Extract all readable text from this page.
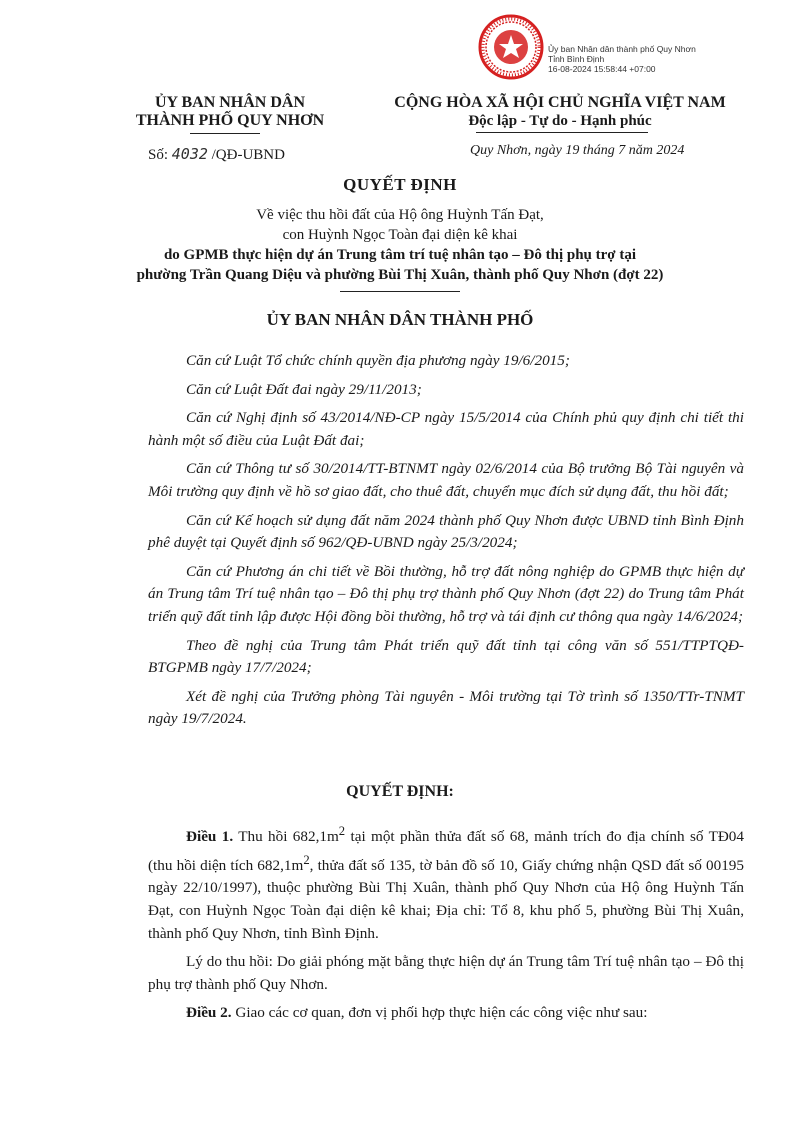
Ủy ban Nhân dân thành phố Quy Nhơn
Tỉnh Bình Định
16-08-2024 15:58:44 +07:00
ỦY BAN NHÂN DÂN
THÀNH PHỐ QUY NHƠN
Số: 4032 /QĐ-UBND
CỘNG HÒA XÃ HỘI CHỦ NGHĨA VIỆT NAM
Độc lập - Tự do - Hạnh phúc
Quy Nhơn, ngày 19 tháng 7 năm 2024
QUYẾT ĐỊNH
Về việc thu hồi đất của Hộ ông Huỳnh Tấn Đạt,
con Huỳnh Ngọc Toàn đại diện kê khai
do GPMB thực hiện dự án Trung tâm trí tuệ nhân tạo – Đô thị phụ trợ tại
phường Trần Quang Diệu và phường Bùi Thị Xuân, thành phố Quy Nhơn (đợt 22)
ỦY BAN NHÂN DÂN THÀNH PHỐ

Căn cứ Luật Tổ chức chính quyền địa phương ngày 19/6/2015;

Căn cứ Luật Đất đai ngày 29/11/2013;

Căn cứ Nghị định số 43/2014/NĐ-CP ngày 15/5/2014 của Chính phủ quy định chi tiết thi hành một số điều của Luật Đất đai;

Căn cứ Thông tư số 30/2014/TT-BTNMT ngày 02/6/2014 của Bộ trưởng Bộ Tài nguyên và Môi trường quy định về hồ sơ giao đất, cho thuê đất, chuyển mục đích sử dụng đất, thu hồi đất;

Căn cứ Kế hoạch sử dụng đất năm 2024 thành phố Quy Nhơn được UBND tỉnh Bình Định phê duyệt tại Quyết định số 962/QĐ-UBND ngày 25/3/2024;

Căn cứ Phương án chi tiết về Bồi thường, hỗ trợ đất nông nghiệp do GPMB thực hiện dự án Trung tâm Trí tuệ nhân tạo – Đô thị phụ trợ thành phố Quy Nhơn (đợt 22) do Trung tâm Phát triển quỹ đất tỉnh lập được Hội đồng bồi thường, hỗ trợ và tái định cư thông qua ngày 14/6/2024;

Theo đề nghị của Trung tâm Phát triển quỹ đất tỉnh tại công văn số 551/TTPTQĐ-BTGPMB ngày 17/7/2024;

Xét đề nghị của Trưởng phòng Tài nguyên - Môi trường tại Tờ trình số 1350/TTr-TNMT ngày 19/7/2024.

QUYẾT ĐỊNH:

Điều 1. Thu hồi $682,1m^2$ tại một phần thửa đất số 68, mảnh trích đo địa chính số TĐ04 (thu hồi diện tích $682,1m^2$, thửa đất số 135, tờ bản đồ số 10, Giấy chứng nhận QSD đất số 00195 ngày 22/10/1997), thuộc phường Bùi Thị Xuân, thành phố Quy Nhơn của Hộ ông Huỳnh Tấn Đạt, con Huỳnh Ngọc Toàn đại diện kê khai; Địa chỉ: Tổ 8, khu phố 5, phường Bùi Thị Xuân, thành phố Quy Nhơn, tỉnh Bình Định.

Lý do thu hồi: Do giải phóng mặt bằng thực hiện dự án Trung tâm Trí tuệ nhân tạo – Đô thị phụ trợ thành phố Quy Nhơn.

Điều 2. Giao các cơ quan, đơn vị phối hợp thực hiện các công việc như sau:
